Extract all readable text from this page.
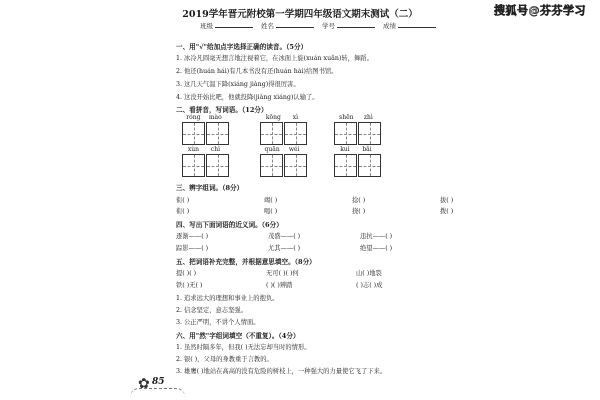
搜狐号@芬芬学习
2019学年晋元附校第一学期四年级语文期末测试（二）
班级	姓名	学号	成绩
一、用"√"给加点字选择正确的读音。（5分）
1. 冰冷凡圆毫无想言地注视着它，在冰面上旋(xuán xuǎn)转，舞蹈。
2. 他还(huán hái)有几本书没有还(huán hái)给图书馆。
3. 这几天气温下降(xiáng jiàng)得很厉害。
4. 这没开始比吧，他就投降(jiàng xiáng)认输了。
二、看拼音，写词语。（12分）
róng mào	kōng xì	shēn zhì
xùn chì	quān wéi	kuì bǎi
三、辨字组词。（8分）
衔( )	竭( )	捻( )	拔( )
衔( )	喝( )	挠( )	拨( )
四、写出下面词语的近义词。（6分）
逐渐——( )	茂盛——( )	违抗——( )
踪影——( )	尤其——( )	绝望——( )
五、把词语补充完整，并根据意思填空。（8分）
提( )( )	无可( )( )何	山( )地裂
铁( )无( )	( )( )辨踏	( )志( )成
1. 追求远大的理想和事业上的抱负。
2. 信念坚定，意志坚强。
3. 公正严明，不讲个人情面。
六、用"然"字组词填空（不重复）。（4分）
1. 虽然时隔多年，但我( )无法忘却当时的情形。
2. 银( )，父母的身教重于言教的。
3. 雄鹰( )地站在高高的没有危险的树枝上，一种强大的力量使它飞了下来。
✿ 85
